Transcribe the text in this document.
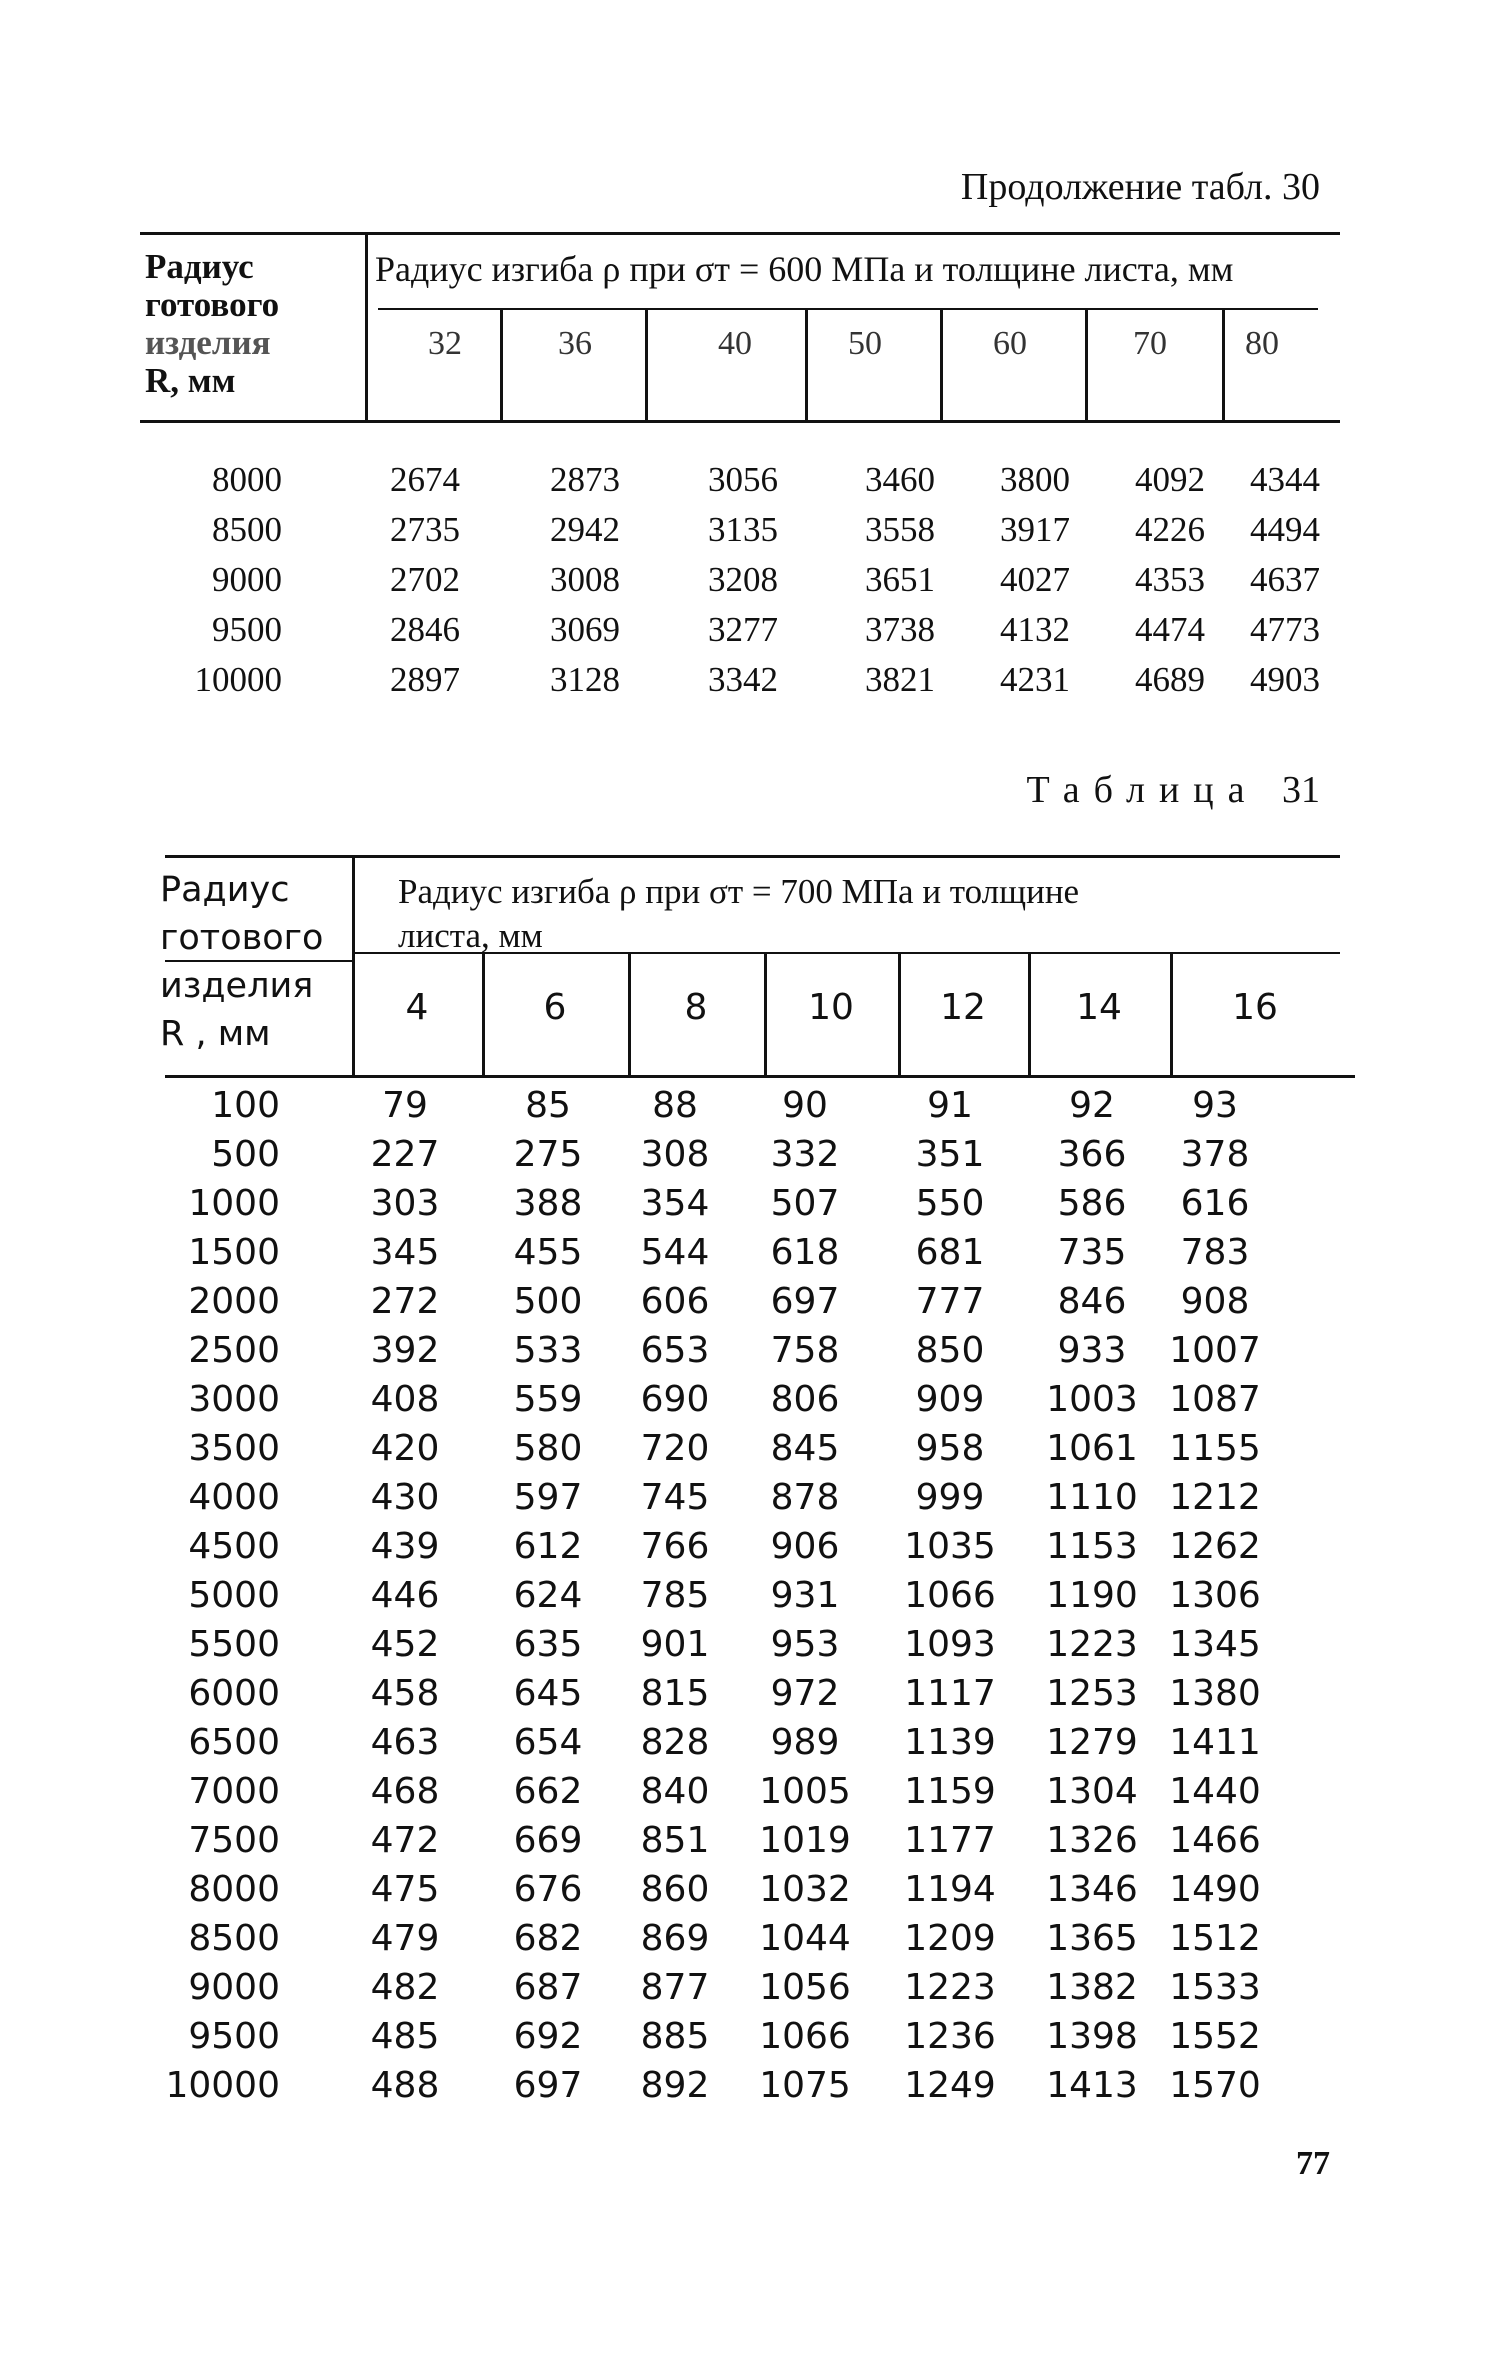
Продолжение табл. 30
Радиус
готового
изделия
R, мм
Радиус изгиба ρ при σт = 600 МПа и толщине листа, мм
32	36	40	50	60	70	80
8000	2674	2873	3056	3460	3800	4092	4344
8500	2735	2942	3135	3558	3917	4226	4494
9000	2702	3008	3208	3651	4027	4353	4637
9500	2846	3069	3277	3738	4132	4474	4773
10000	2897	3128	3342	3821	4231	4689	4903
Таблица 31
Радиус
готового
изделия
R , мм
Радиус изгиба ρ при σт = 700 МПа и толщине
листа, мм
4	6	8	10	12	14	16
100	79	85	88	90	91	92	93
500	227	275	308	332	351	366	378
1000	303	388	354	507	550	586	616
1500	345	455	544	618	681	735	783
2000	272	500	606	697	777	846	908
2500	392	533	653	758	850	933	1007
3000	408	559	690	806	909	1003 1087
3500	420	580	720	845	958	1061 1155
4000	430	597	745	878	999	1110 1212
4500	439	612	766	906	1035	1153 1262
5000	446	624	785	931	1066	1190 1306
5500	452	635	901	953	1093	1223 1345
6000	458	645	815	972	1117	1253 1380
6500	463	654	828	989	1139	1279 1411
7000	468	662	840	1005	1159	1304 1440
7500	472	669	851	1019	1177	1326 1466
8000	475	676	860	1032	1194	1346 1490
8500	479	682	869	1044	1209	1365 1512
9000	482	687	877	1056	1223	1382 1533
9500	485	692	885	1066	1236	1398 1552
10000	488	697	892	1075	1249	1413 1570
77
